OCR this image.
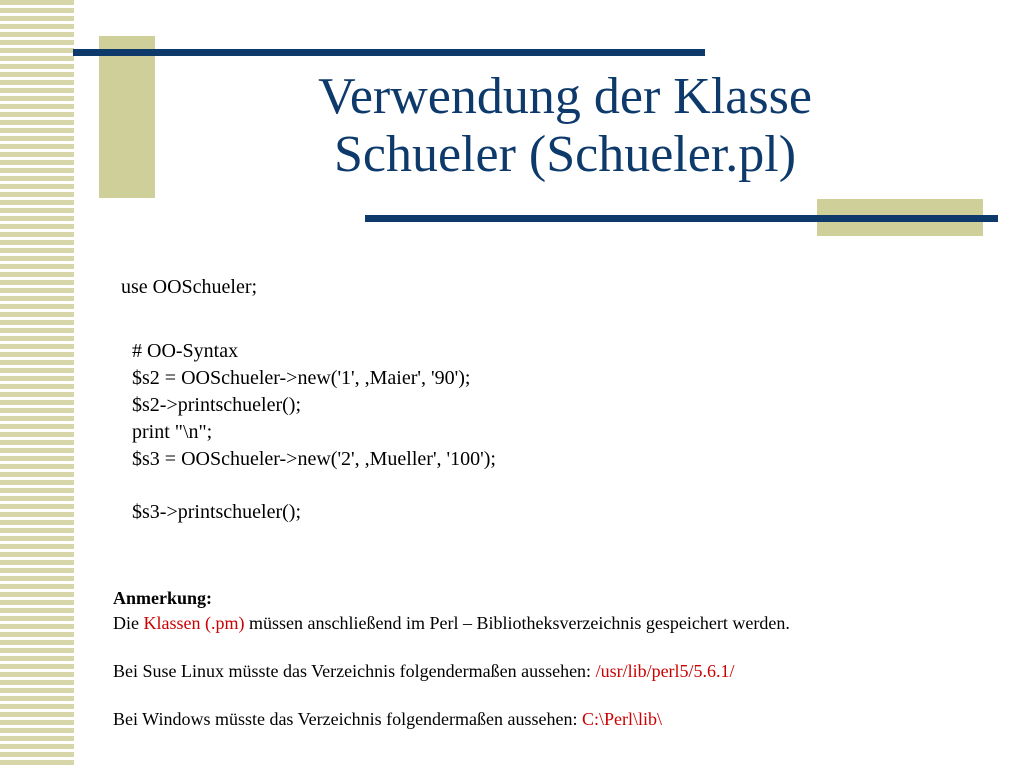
Verwendung der Klasse
Schueler (Schueler.pl)
use OOSchueler;
# OO-Syntax
$s2 = OOSchueler->new('1', ,Maier', '90');
$s2->printschueler();
print "\n";
$s3 = OOSchueler->new('2', ,Mueller', '100');
$s3->printschueler();
Anmerkung:
Die Klassen (.pm) müssen anschließend im Perl – Bibliotheksverzeichnis gespeichert werden.
Bei Suse Linux müsste das Verzeichnis folgendermaßen aussehen: /usr/lib/perl5/5.6.1/
Bei Windows müsste das Verzeichnis folgendermaßen aussehen: C:\Perl\lib\
